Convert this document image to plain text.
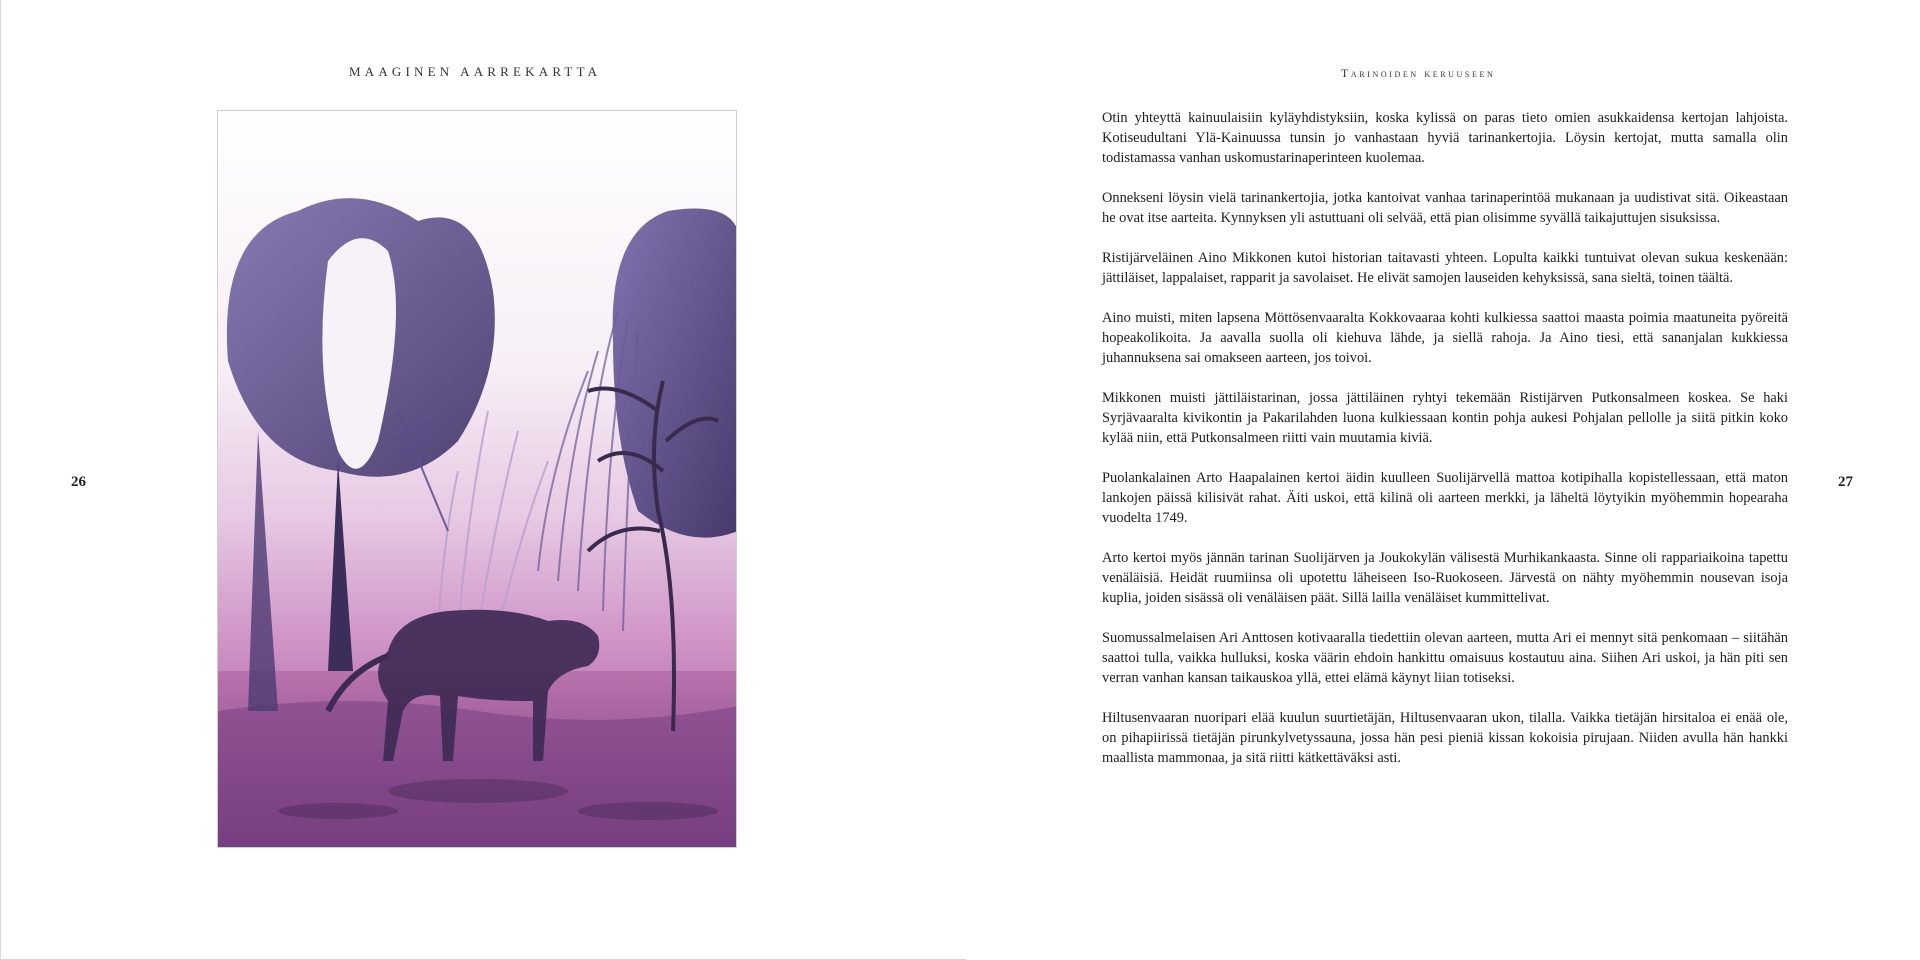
MAAGINEN AARREKARTTA
26
Tarinoiden keruuseen

Otin yhteyttä kainuulaisiin kyläyhdistyksiin, koska kylissä on paras tieto omien asukkaidensa kertojan lahjoista. Kotiseudultani Ylä-Kainuussa tunsin jo vanhastaan hyviä tarinankertojia. Löysin kertojat, mutta samalla olin todistamassa vanhan uskomustarinaperinteen kuolemaa.

Onnekseni löysin vielä tarinankertojia, jotka kantoivat vanhaa tarinaperintöä mukanaan ja uudistivat sitä. Oikeastaan he ovat itse aarteita. Kynnyksen yli astuttuani oli selvää, että pian olisimme syvällä taikajuttujen sisuksissa.

Ristijärveläinen Aino Mikkonen kutoi historian taitavasti yhteen. Lopulta kaikki tuntuivat olevan sukua keskenään: jättiläiset, lappalaiset, rapparit ja savolaiset. He elivät samojen lauseiden kehyksissä, sana sieltä, toinen täältä.

Aino muisti, miten lapsena Möttösenvaaralta Kokkovaaraa kohti kulkiessa saattoi maasta poimia maatuneita pyöreitä hopeakolikoita. Ja aavalla suolla oli kiehuva lähde, ja siellä rahoja. Ja Aino tiesi, että sananjalan kukkiessa juhannuksena sai omakseen aarteen, jos toivoi.

Mikkonen muisti jättiläistarinan, jossa jättiläinen ryhtyi tekemään Ristijärven Putkonsalmeen koskea. Se haki Syrjävaaralta kivikontin ja Pakarilahden luona kulkiessaan kontin pohja aukesi Pohjalan pellolle ja siitä pitkin koko kylää niin, että Putkonsalmeen riitti vain muutamia kiviä.

Puolankalainen Arto Haapalainen kertoi äidin kuulleen Suolijärvellä mattoa kotipihalla kopistellessaan, että maton lankojen päissä kilisivät rahat. Äiti uskoi, että kilinä oli aarteen merkki, ja läheltä löytyikin myöhemmin hopearaha vuodelta 1749.

Arto kertoi myös jännän tarinan Suolijärven ja Joukokylän välisestä Murhikankaasta. Sinne oli rappariaikoina tapettu venäläisiä. Heidät ruumiinsa oli upotettu läheiseen Iso-Ruokoseen. Järvestä on nähty myöhemmin nousevan isoja kuplia, joiden sisässä oli venäläisen päät. Sillä lailla venäläiset kummittelivat.

Suomussalmelaisen Ari Anttosen kotivaaralla tiedettiin olevan aarteen, mutta Ari ei mennyt sitä penkomaan – siitähän saattoi tulla, vaikka hulluksi, koska väärin ehdoin hankittu omaisuus kostautuu aina. Siihen Ari uskoi, ja hän piti sen verran vanhan kansan taikauskoa yllä, ettei elämä käynyt liian totiseksi.

Hiltusenvaaran nuoripari elää kuulun suurtietäjän, Hiltusenvaaran ukon, tilalla. Vaikka tietäjän hirsitaloa ei enää ole, on pihapiirissä tietäjän pirunkylvetyssauna, jossa hän pesi pieniä kissan kokoisia pirujaan. Niiden avulla hän hankki maallista mammonaa, ja sitä riitti kätkettäväksi asti.

27
